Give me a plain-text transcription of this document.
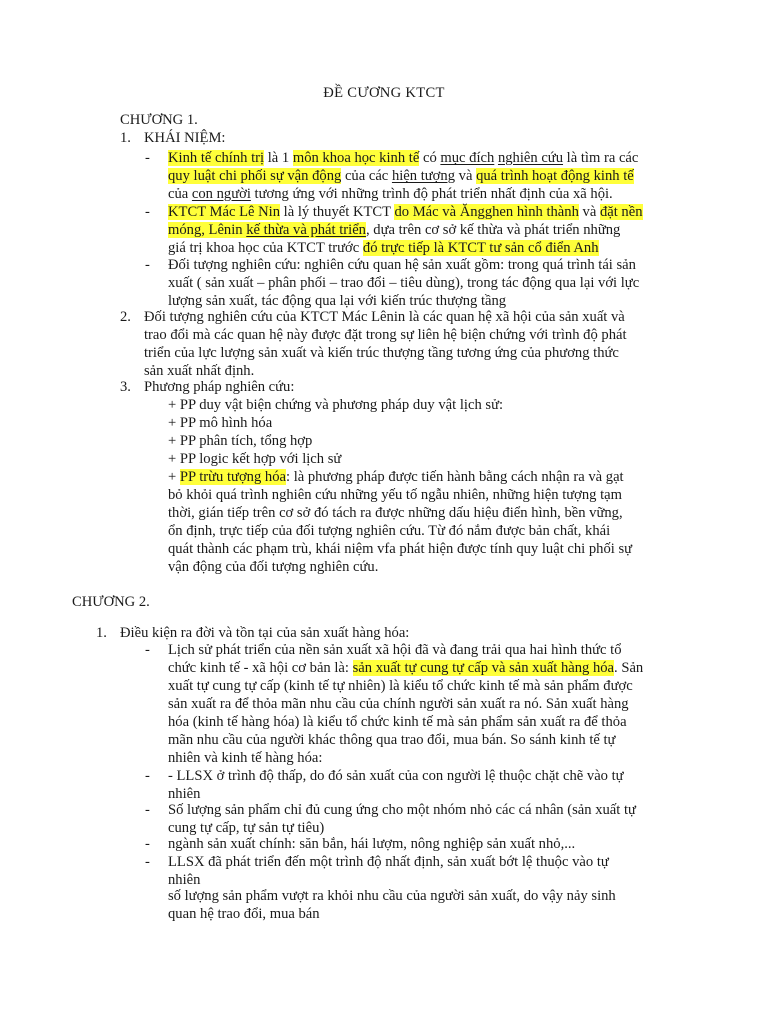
ĐỀ CƯƠNG KTCT
CHƯƠNG 1.
1. KHÁI NIỆM:
- Kinh tế chính trị là 1 môn khoa học kinh tế có mục đích nghiên cứu là tìm ra các
quy luật chi phối sự vận động của các hiện tượng và quá trình hoạt động kinh tế
của con người tương ứng với những trình độ phát triển nhất định của xã hội.
- KTCT Mác Lê Nin là lý thuyết KTCT do Mác và Ăngghen hình thành và đặt nền
móng, Lênin kế thừa và phát triển, dựa trên cơ sở kế thừa và phát triển những
giá trị khoa học của KTCT trước đó trực tiếp là KTCT tư sản cổ điển Anh
- Đối tượng nghiên cứu: nghiên cứu quan hệ sản xuất gồm: trong quá trình tái sản
xuất ( sản xuất – phân phối – trao đổi – tiêu dùng), trong tác động qua lại với lực
lượng sản xuất, tác động qua lại với kiến trúc thượng tầng
2. Đối tượng nghiên cứu của KTCT Mác Lênin là các quan hệ xã hội của sản xuất và
trao đổi mà các quan hệ này được đặt trong sự liên hệ biện chứng với trình độ phát
triển của lực lượng sản xuất và kiến trúc thượng tầng tương ứng của phương thức
sản xuất nhất định.
3. Phương pháp nghiên cứu:
+ PP duy vật biện chứng và phương pháp duy vật lịch sử:
+ PP mô hình hóa
+ PP phân tích, tổng hợp
+ PP logic kết hợp với lịch sử
+ PP trừu tượng hóa: là phương pháp được tiến hành bằng cách nhận ra và gạt
bỏ khỏi quá trình nghiên cứu những yếu tố ngẫu nhiên, những hiện tượng tạm
thời, gián tiếp trên cơ sở đó tách ra được những dấu hiệu điển hình, bền vững,
ổn định, trực tiếp của đối tượng nghiên cứu. Từ đó nắm được bản chất, khái
quát thành các phạm trù, khái niệm vfa phát hiện được tính quy luật chi phối sự
vận động của đối tượng nghiên cứu.
CHƯƠNG 2.
1. Điều kiện ra đời và tồn tại của sản xuất hàng hóa:
- Lịch sử phát triển của nền sản xuất xã hội đã và đang trải qua hai hình thức tổ
chức kinh tế - xã hội cơ bản là: sản xuất tự cung tự cấp và sản xuất hàng hóa. Sản
xuất tự cung tự cấp (kinh tế tự nhiên) là kiểu tổ chức kinh tế mà sản phẩm được
sản xuất ra để thỏa mãn nhu cầu của chính người sản xuất ra nó. Sản xuất hàng
hóa (kinh tế hàng hóa) là kiểu tổ chức kinh tế mà sản phẩm sản xuất ra để thỏa
mãn nhu cầu của người khác thông qua trao đổi, mua bán. So sánh kinh tế tự
nhiên và kinh tế hàng hóa:
- - LLSX ở trình độ thấp, do đó sản xuất của con người lệ thuộc chặt chẽ vào tự
nhiên
- Số lượng sản phẩm chỉ đủ cung ứng cho một nhóm nhỏ các cá nhân (sản xuất tự
cung tự cấp, tự sản tự tiêu)
- ngành sản xuất chính: săn bắn, hái lượm, nông nghiệp sản xuất nhỏ,...
- LLSX đã phát triển đến một trình độ nhất định, sản xuất bớt lệ thuộc vào tự
nhiên
số lượng sản phẩm vượt ra khỏi nhu cầu của người sản xuất, do vậy nảy sinh
quan hệ trao đổi, mua bán
